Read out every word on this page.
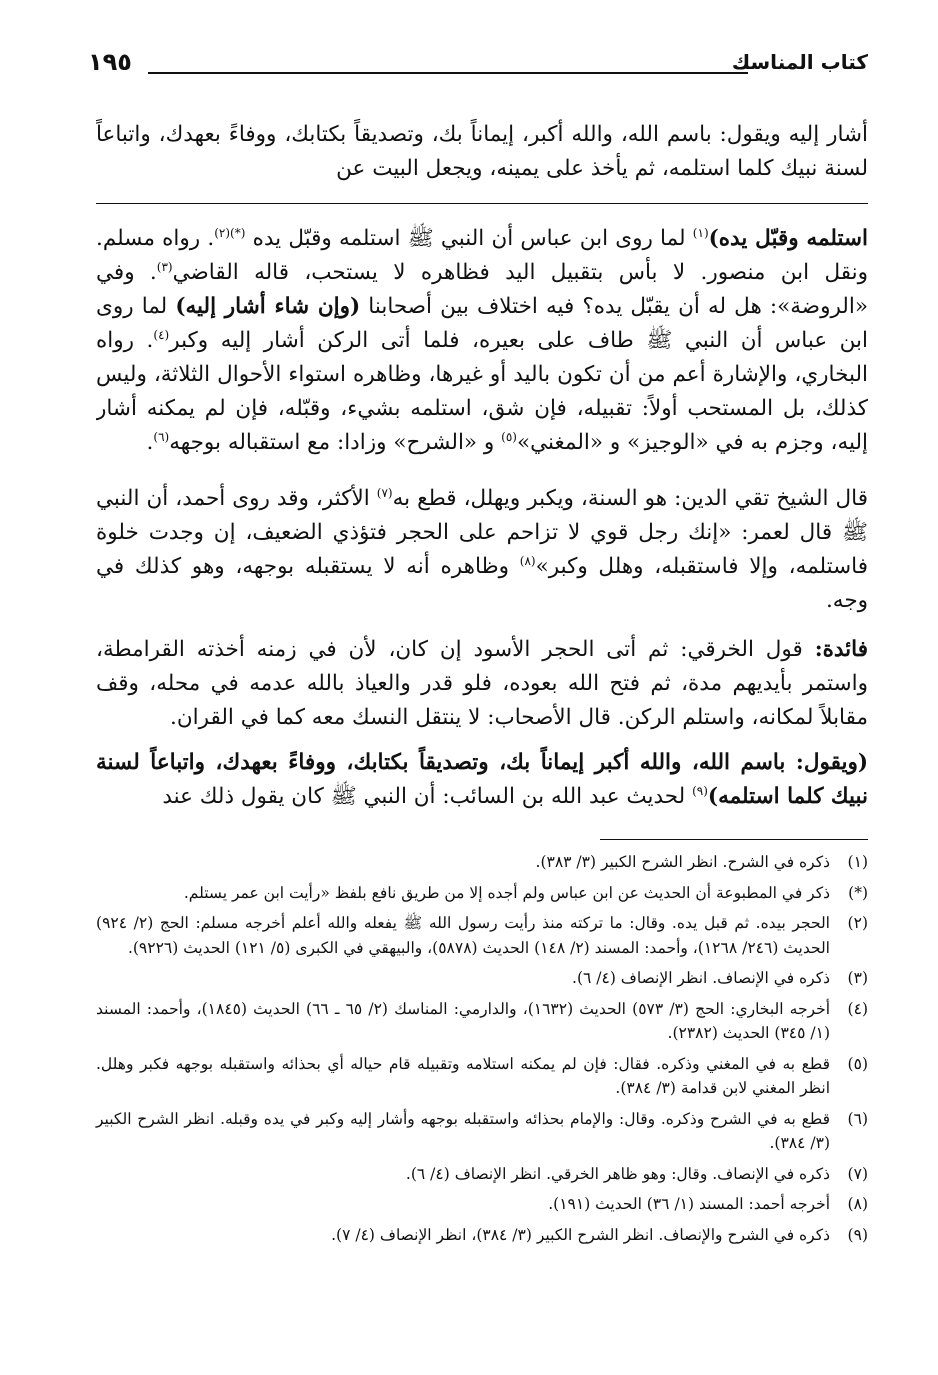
كتاب المناسك
١٩٥

أشار إليه ويقول: باسم الله، والله أكبر، إيماناً بك، وتصديقاً بكتابك، ووفاءً بعهدك، واتباعاً لسنة نبيك كلما استلمه، ثم يأخذ على يمينه، ويجعل البيت عن

استلمه وقبّل يده)$^{(١)}$ لما روى ابن عباس أن النبي ﷺ استلمه وقبّل يده $^{(*)(٢)}$. رواه مسلم. ونقل ابن منصور. لا بأس بتقبيل اليد فظاهره لا يستحب، قاله القاضي$^{(٣)}$. وفي «الروضة»: هل له أن يقبّل يده؟ فيه اختلاف بين أصحابنا (وإن شاء أشار إليه) لما روى ابن عباس أن النبي ﷺ طاف على بعيره، فلما أتى الركن أشار إليه وكبر$^{(٤)}$. رواه البخاري، والإشارة أعم من أن تكون باليد أو غيرها، وظاهره استواء الأحوال الثلاثة، وليس كذلك، بل المستحب أولاً: تقبيله، فإن شق، استلمه بشيء، وقبّله، فإن لم يمكنه أشار إليه، وجزم به في «الوجيز» و «المغني»$^{(٥)}$ و «الشرح» وزادا: مع استقباله بوجهه$^{(٦)}$.
قال الشيخ تقي الدين: هو السنة، ويكبر ويهلل، قطع به$^{(٧)}$ الأكثر، وقد روى أحمد، أن النبي ﷺ قال لعمر: «إنك رجل قوي لا تزاحم على الحجر فتؤذي الضعيف، إن وجدت خلوة فاستلمه، وإلا فاستقبله، وهلل وكبر»$^{(٨)}$ وظاهره أنه لا يستقبله بوجهه، وهو كذلك في وجه.
فائدة: قول الخرقي: ثم أتى الحجر الأسود إن كان، لأن في زمنه أخذته القرامطة، واستمر بأيديهم مدة، ثم فتح الله بعوده، فلو قدر والعياذ بالله عدمه في محله، وقف مقابلاً لمكانه، واستلم الركن. قال الأصحاب: لا ينتقل النسك معه كما في القران.
(ويقول: باسم الله، والله أكبر إيماناً بك، وتصديقاً بكتابك، ووفاءً بعهدك، واتباعاً لسنة نبيك كلما استلمه)$^{(٩)}$ لحديث عبد الله بن السائب: أن النبي ﷺ كان يقول ذلك عند
(١)
ذكره في الشرح. انظر الشرح الكبير (٣/ ٣٨٣).
(*)
ذكر في المطبوعة أن الحديث عن ابن عباس ولم أجده إلا من طريق نافع بلفظ «رأيت ابن عمر يستلم.
(٢)
الحجر بيده. ثم قبل يده. وقال: ما تركته منذ رأيت رسول الله ﷺ يفعله والله أعلم أخرجه مسلم: الحج (٢/ ٩٢٤) الحديث (٢٤٦/ ١٢٦٨)، وأحمد: المسند (٢/ ١٤٨) الحديث (٥٨٧٨)، والبيهقي في الكبرى (٥/ ١٢١) الحديث (٩٢٢٦).
(٣)
ذكره في الإنصاف. انظر الإنصاف (٤/ ٦).
(٤)
أخرجه البخاري: الحج (٣/ ٥٧٣) الحديث (١٦٣٢)، والدارمي: المناسك (٢/ ٦٥ ـ ٦٦) الحديث (١٨٤٥)، وأحمد: المسند (١/ ٣٤٥) الحديث (٢٣٨٢).
(٥)
قطع به في المغني وذكره. فقال: فإن لم يمكنه استلامه وتقبيله قام حياله أي بحذائه واستقبله بوجهه فكبر وهلل. انظر المغني لابن قدامة (٣/ ٣٨٤).
(٦)
قطع به في الشرح وذكره. وقال: والإمام بحذائه واستقبله بوجهه وأشار إليه وكبر في يده وقبله. انظر الشرح الكبير (٣/ ٣٨٤).
(٧)
ذكره في الإنصاف. وقال: وهو ظاهر الخرقي. انظر الإنصاف (٤/ ٦).
(٨)
أخرجه أحمد: المسند (١/ ٣٦) الحديث (١٩١).
(٩)
ذكره في الشرح والإنصاف. انظر الشرح الكبير (٣/ ٣٨٤)، انظر الإنصاف (٤/ ٧).
